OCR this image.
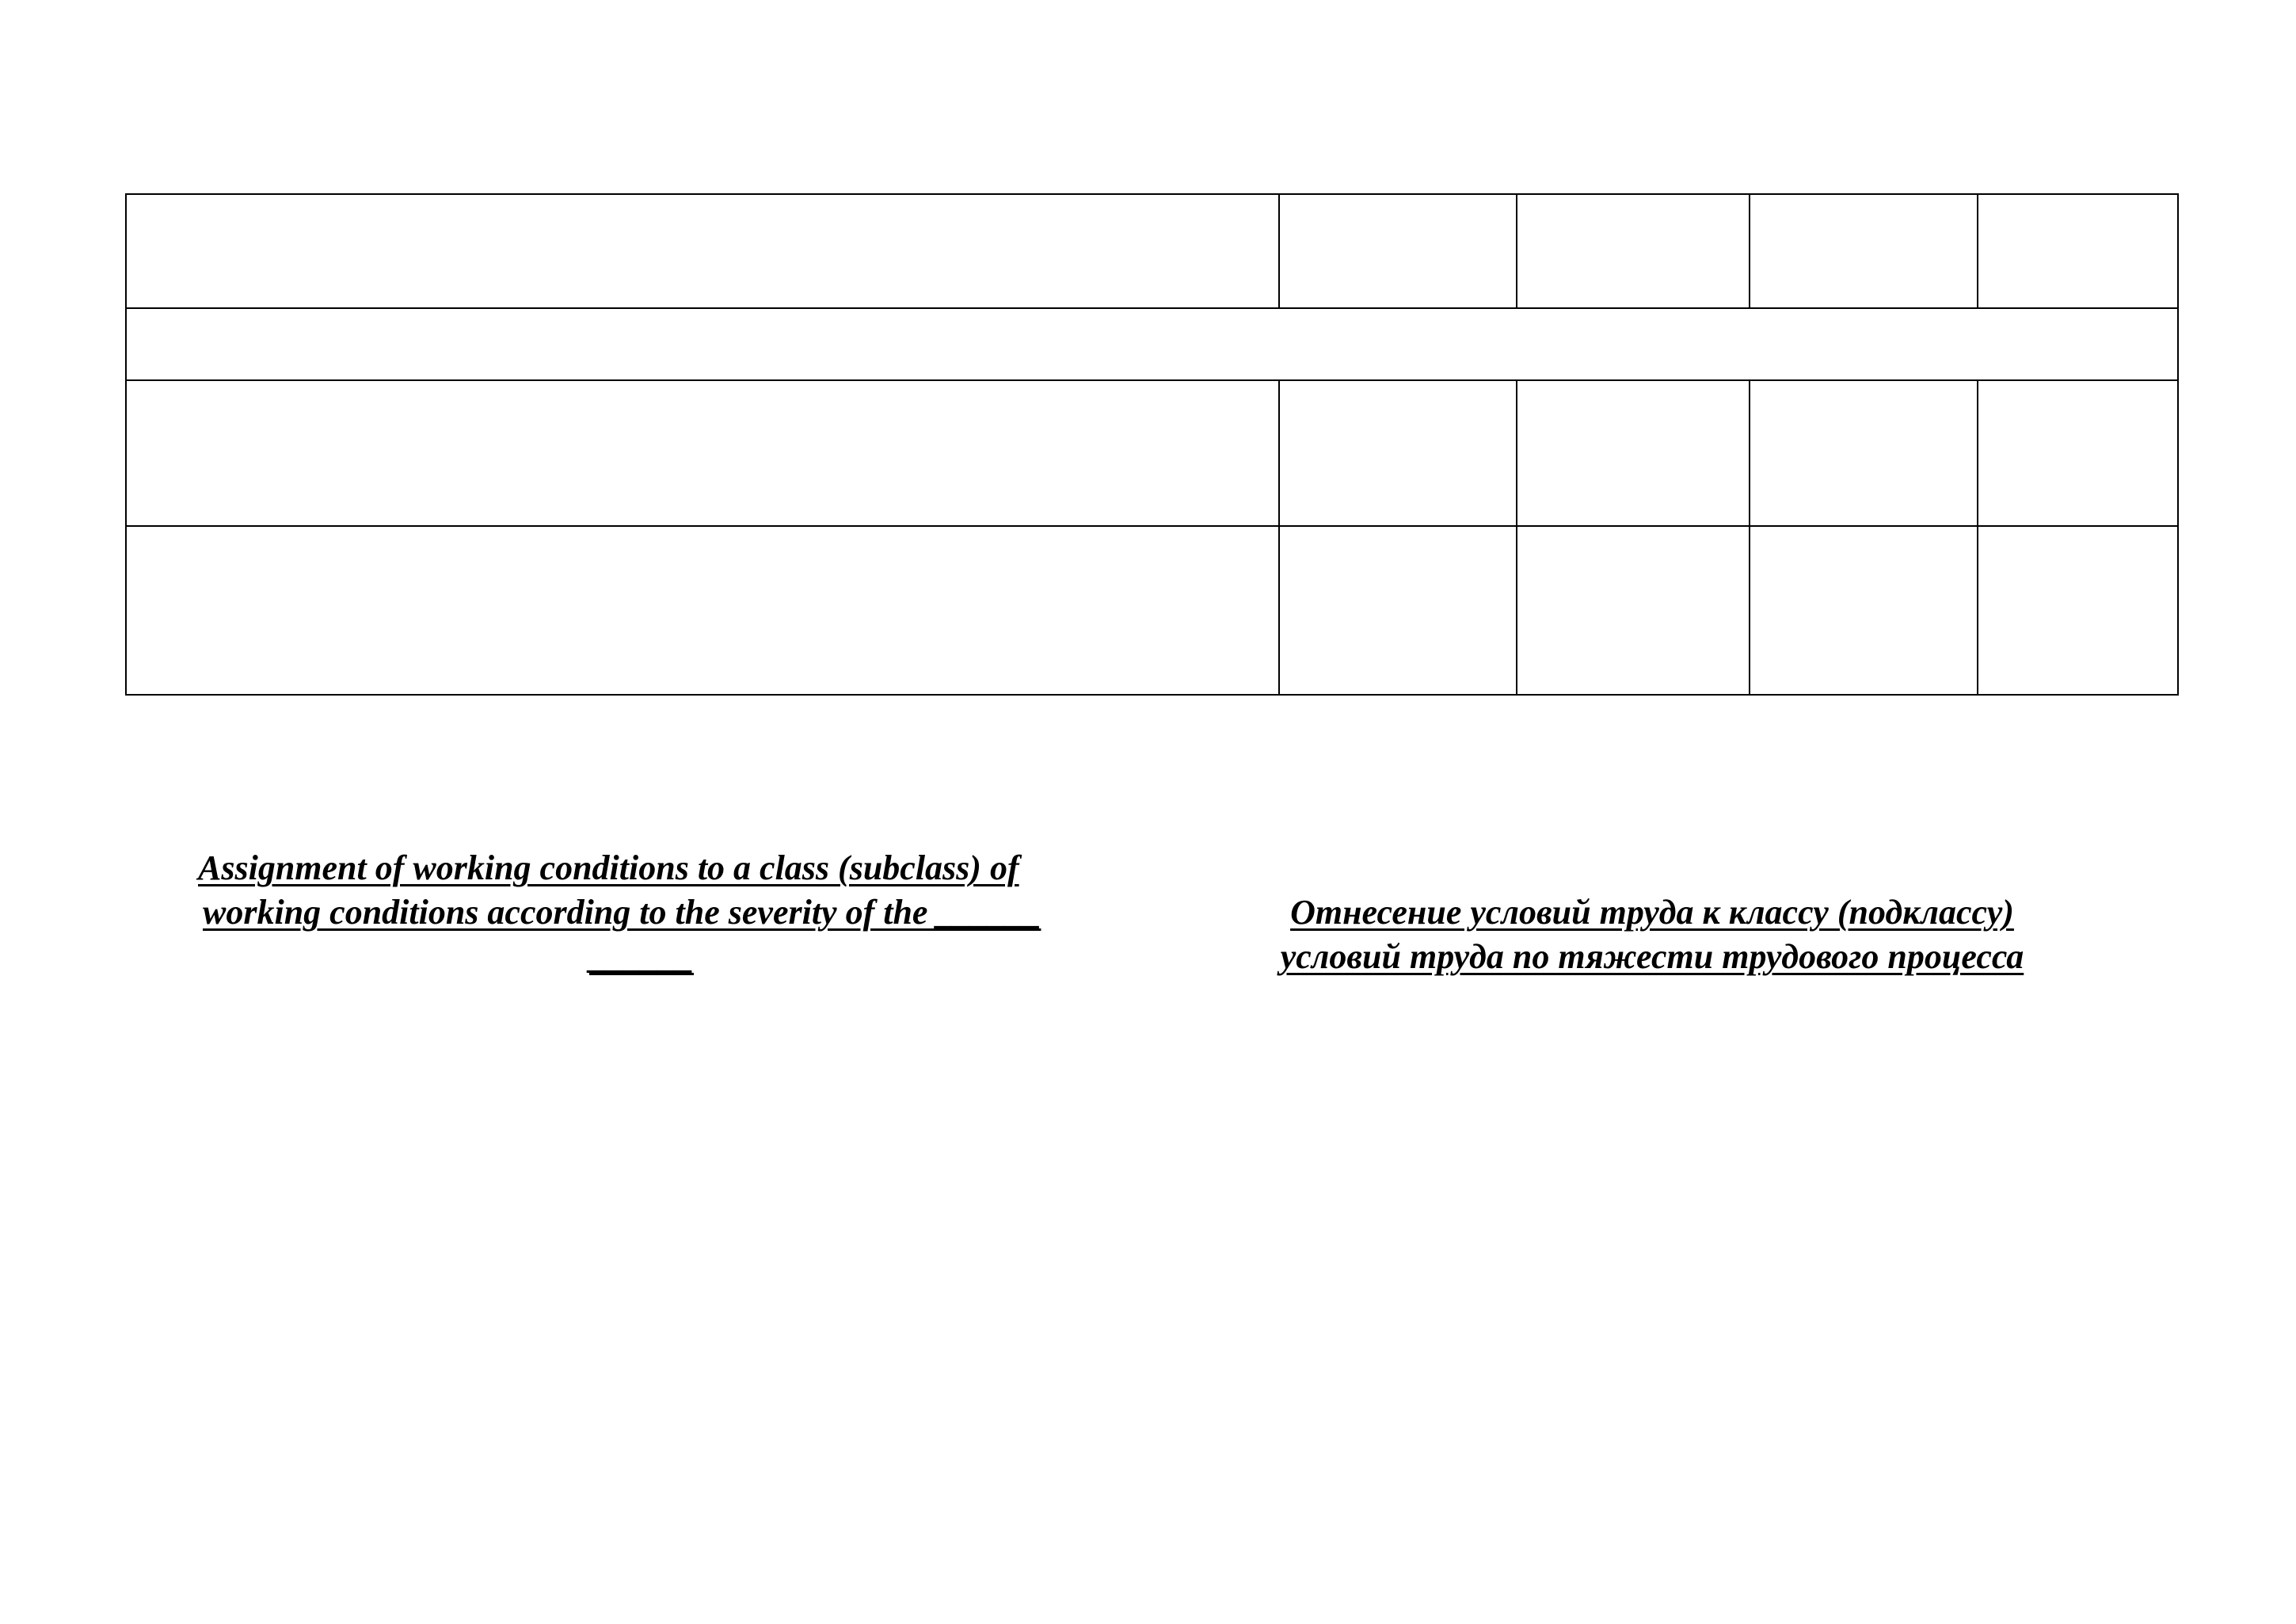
Assignment of working conditions to a class (subclass) of
working conditions according to the severity of the ______
______
Отнесение условий труда к классу (подклассу)
условий труда по тяжести трудового процесса
